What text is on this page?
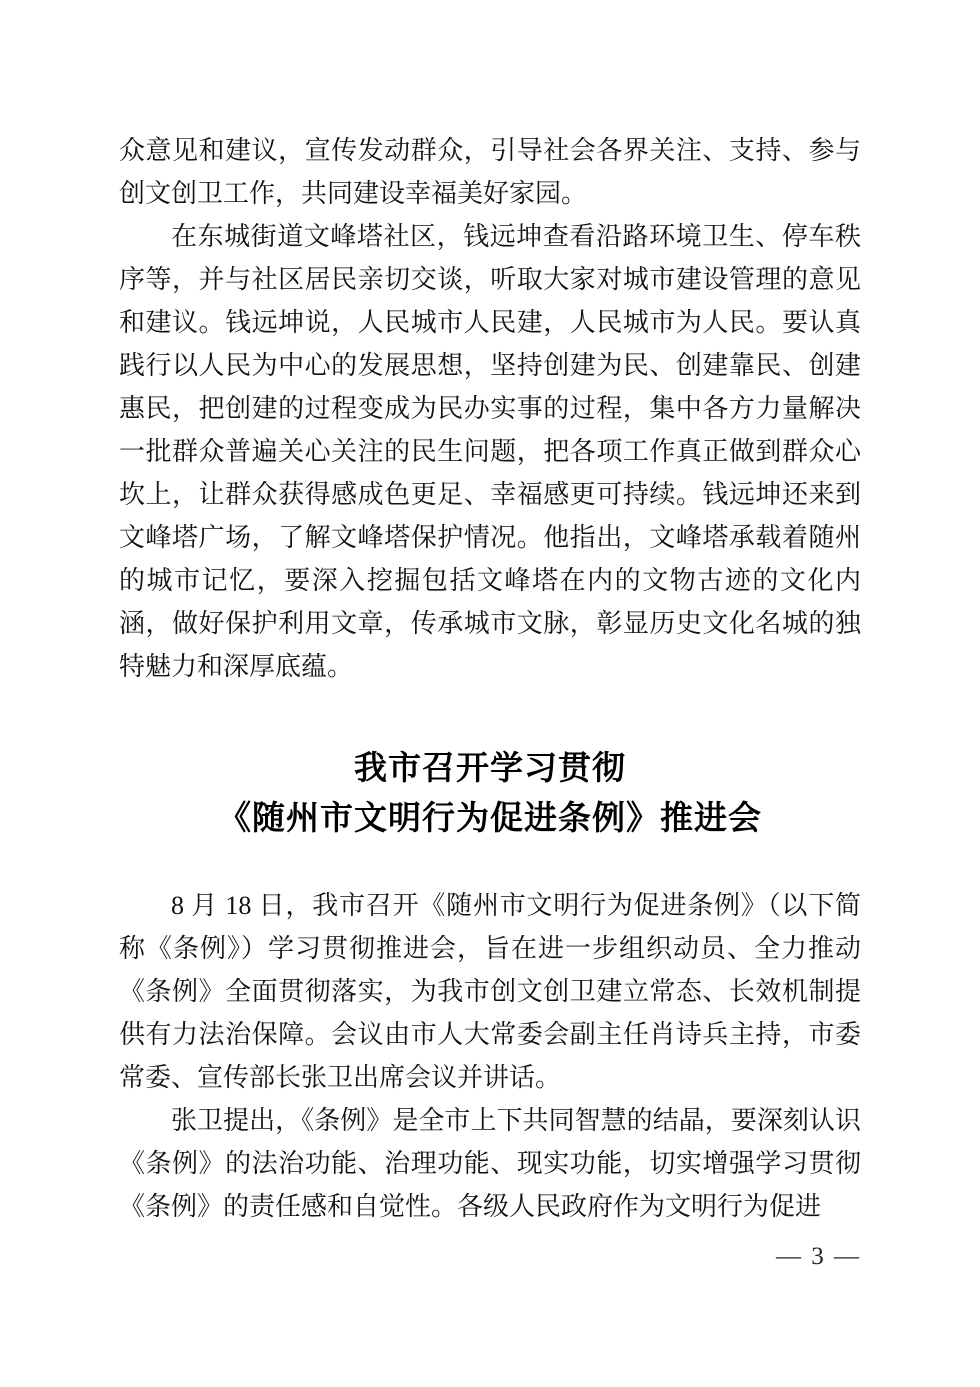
众意见和建议，宣传发动群众，引导社会各界关注、支持、参与创文创卫工作，共同建设幸福美好家园。

在东城街道文峰塔社区，钱远坤查看沿路环境卫生、停车秩序等，并与社区居民亲切交谈，听取大家对城市建设管理的意见和建议。钱远坤说，人民城市人民建，人民城市为人民。要认真践行以人民为中心的发展思想，坚持创建为民、创建靠民、创建惠民，把创建的过程变成为民办实事的过程，集中各方力量解决一批群众普遍关心关注的民生问题，把各项工作真正做到群众心坎上，让群众获得感成色更足、幸福感更可持续。钱远坤还来到文峰塔广场，了解文峰塔保护情况。他指出，文峰塔承载着随州的城市记忆，要深入挖掘包括文峰塔在内的文物古迹的文化内涵，做好保护利用文章，传承城市文脉，彰显历史文化名城的独特魅力和深厚底蕴。

我市召开学习贯彻
《随州市文明行为促进条例》推进会

8 月 18 日，我市召开《随州市文明行为促进条例》（以下简称《条例》）学习贯彻推进会，旨在进一步组织动员、全力推动《条例》全面贯彻落实，为我市创文创卫建立常态、长效机制提供有力法治保障。会议由市人大常委会副主任肖诗兵主持，市委常委、宣传部长张卫出席会议并讲话。

张卫提出，《条例》是全市上下共同智慧的结晶，要深刻认识《条例》的法治功能、治理功能、现实功能，切实增强学习贯彻《条例》的责任感和自觉性。各级人民政府作为文明行为促进

— 3 —
